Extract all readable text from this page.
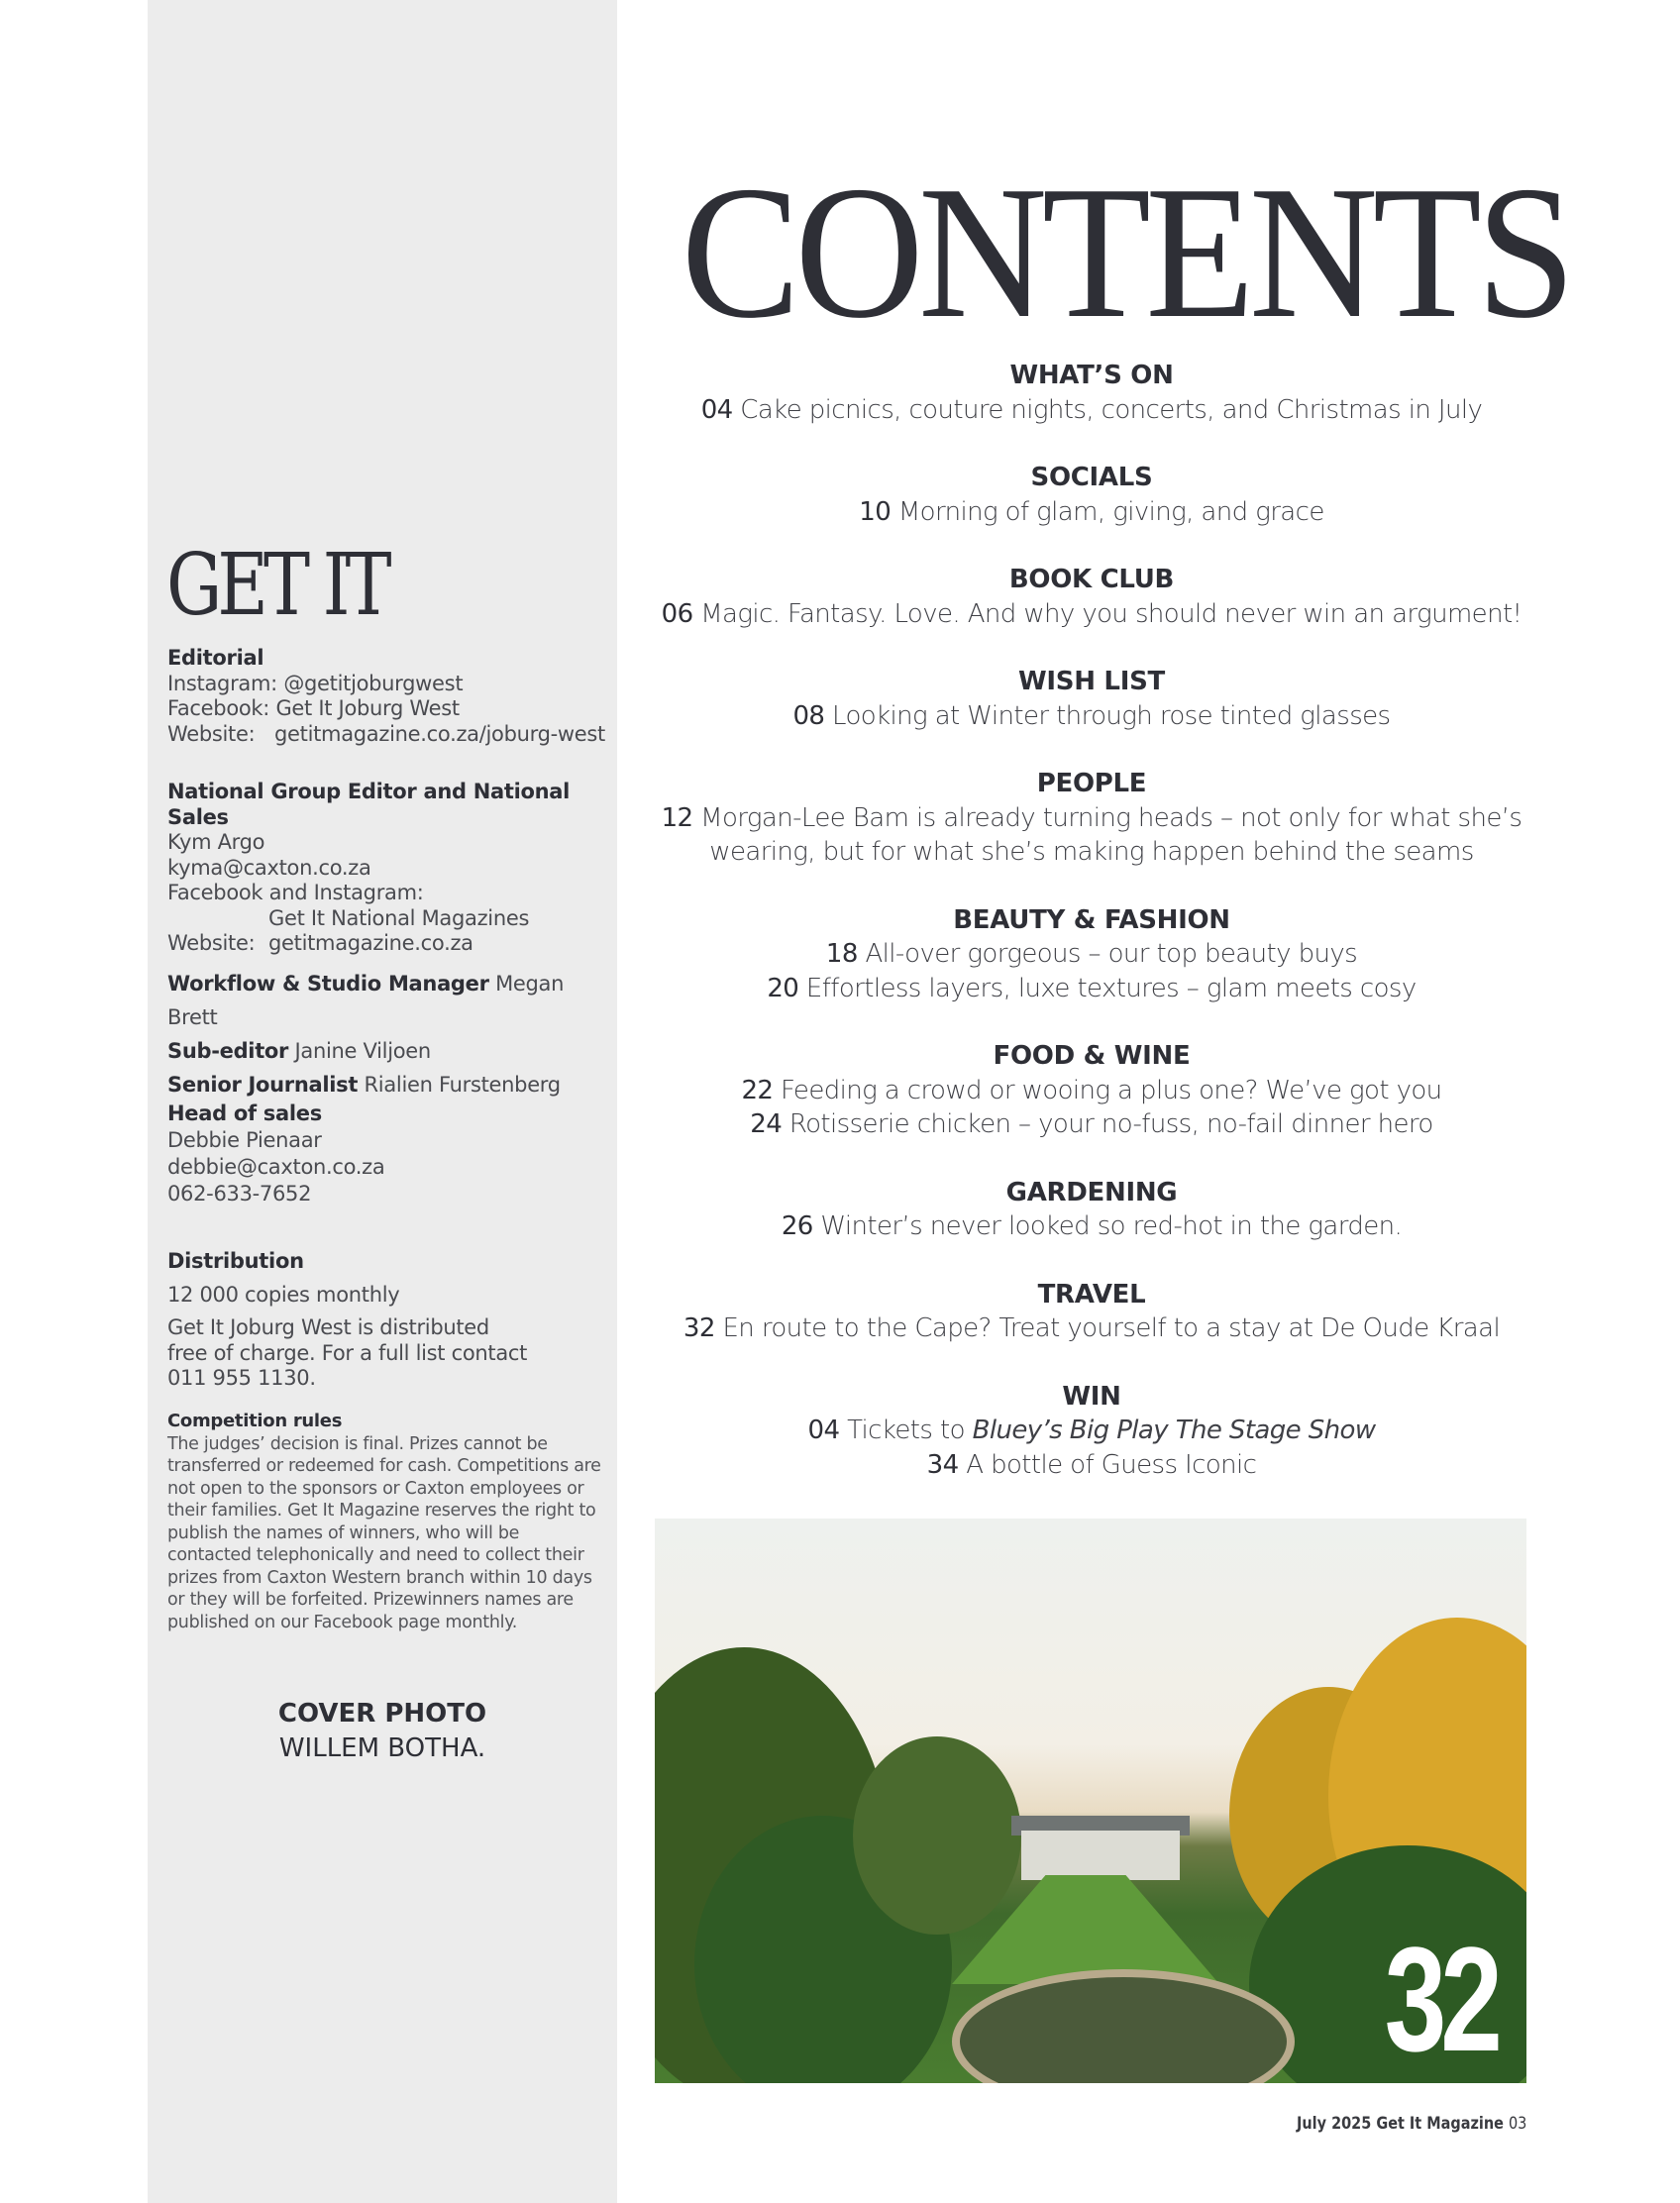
GET IT
Editorial
Instagram: @getitjoburgwest
Facebook: Get It Joburg West
Website: getitmagazine.co.za/joburg-west
National Group Editor and National Sales
Kym Argo
kyma@caxton.co.za
Facebook and Instagram:
Get It National Magazines
Website: getitmagazine.co.za
Workflow & Studio Manager Megan Brett
Sub-editor Janine Viljoen
Senior Journalist Rialien Furstenberg
Head of sales
Debbie Pienaar
debbie@caxton.co.za
062-633-7652
Distribution
12 000 copies monthly
Get It Joburg West is distributed
free of charge. For a full list contact
011 955 1130.
Competition rules
The judges’ decision is final. Prizes cannot be transferred or redeemed for cash. Competitions are not open to the sponsors or Caxton employees or their families. Get It Magazine reserves the right to publish the names of winners, who will be contacted telephonically and need to collect their prizes from Caxton Western branch within 10 days or they will be forfeited. Prizewinners names are published on our Facebook page monthly.
COVER PHOTO
WILLEM BOTHA.
CONTENTS
WHAT’S ON
04 Cake picnics, couture nights, concerts, and Christmas in July
SOCIALS
10 Morning of glam, giving, and grace
BOOK CLUB
06 Magic. Fantasy. Love. And why you should never win an argument!
WISH LIST
08 Looking at Winter through rose tinted glasses
PEOPLE
12 Morgan-Lee Bam is already turning heads – not only for what she’s wearing, but for what she’s making happen behind the seams
BEAUTY & FASHION
18 All-over gorgeous – our top beauty buys
20 Effortless layers, luxe textures – glam meets cosy
FOOD & WINE
22 Feeding a crowd or wooing a plus one? We’ve got you
24 Rotisserie chicken – your no-fuss, no-fail dinner hero
GARDENING
26 Winter’s never looked so red-hot in the garden.
TRAVEL
32 En route to the Cape? Treat yourself to a stay at De Oude Kraal
WIN
04 Tickets to Bluey’s Big Play The Stage Show
34 A bottle of Guess Iconic
32
July 2025 Get It Magazine 03
